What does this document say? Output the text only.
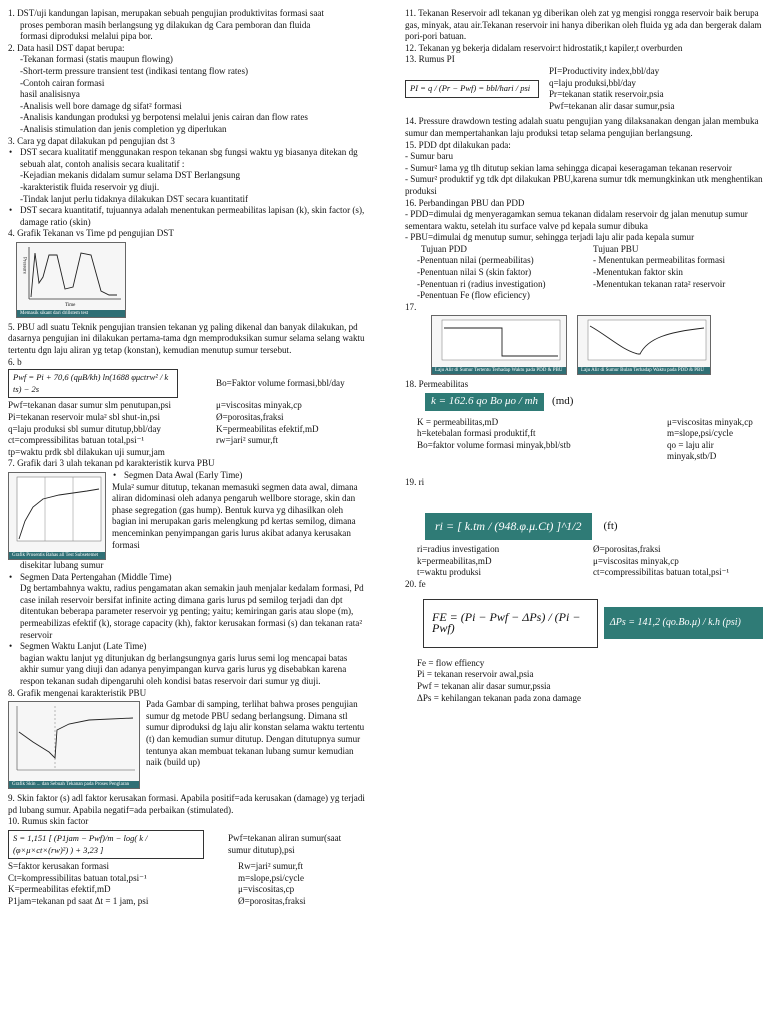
1. DST/uji kandungan lapisan, merupakan sebuah pengujian produktivitas formasi saat

proses pemboran masih berlangsung yg dilakukan dg Cara pemboran dan fluida

formasi diproduksi melalui pipa bor.

2. Data hasil DST dapat berupa:

-Tekanan formasi (statis maupun flowing)

-Short-term pressure transient test (indikasi tentang flow rates)

-Contoh cairan formasi

hasil analisisnya

-Analisis well bore damage dg sifat² formasi

-Analisis kandungan produksi yg berpotensi melalui jenis cairan dan flow rates

-Analisis stimulation dan jenis completion yg diperlukan

3. Cara yg dapat dilakukan pd pengujian dst 3

• DST secara kualitatif menggunakan respon tekanan sbg fungsi waktu yg biasanya ditekan dg sebuah alat, contoh analisis secara kualitatif :

-Kejadian mekanis didalam sumur selama DST Berlangsung

-karakteristik fluida reservoir yg diuji.

-Tindak lanjut perlu tidaknya dilakukan DST secara kuantitatif

• DST secara kuantitatif, tujuannya adalah menentukan permeabilitas lapisan (k), skin factor (s), damage ratio (skin)

4. Grafik Tekanan vs Time pd pengujian DST

Pressure
Time
Memasik sikant dari drillstem test

5. PBU adl suatu Teknik pengujian transien tekanan yg paling dikenal dan banyak dilakukan, pd dasarnya pengujian ini dilakukan pertama-tama dgn memproduksikan sumur selama selang waktu tertentu dgn laju aliran yg tetap (konstan), kemudian menutup sumur tersebut.

6. b

Pwf = Pi + 70,6 (qμB/kh) ln(1688 φμctrw² / k ts) − 2s
Bo=Faktor volume formasi,bbl/day
Pwf=tekanan dasar sumur slm penutupan,psi	μ=viscositas minyak,cp
Pi=tekanan reservoir mula² sbl shut-in,psi	Ø=porositas,fraksi
q=laju produksi sbl sumur ditutup,bbl/day	K=permeabilitas efektif,mD
ct=compressibilitas batuan total,psi⁻¹	rw=jari² sumur,ft

tp=waktu prdk sbl dilakukan uji sumur,jam

7. Grafik dari 3 ulah tekanan pd karakteristik kurva PBU

Grafik Prosentis Bahas all Test Subsetemet

• Segmen Data Awal (Early Time)

Mula² sumur ditutup, tekanan memasuki segmen data awal, dimana aliran didominasi oleh adanya pengaruh wellbore storage, skin dan phase segregation (gas hump). Bentuk kurva yg dihasilkan oleh bagian ini merupakan garis melengkung pd kertas semilog, dimana menceminkan penyimpangan garis lurus akibat adanya kerusakan formasi

disekitar lubang sumur

• Segmen Data Pertengahan (Middle Time)

Dg bertambahnya waktu, radius pengamatan akan semakin jauh menjalar kedalam formasi, Pd case inilah reservoir bersifat infinite acting dimana garis lurus pd semilog terjadi dan dpt ditentukan beberapa parameter reservoir yg penting; yaitu; kemiringan garis atau slope (m), permeabilizas efektif (k), storage capacity (kh), faktor kerusakan formasi (s) dan tekanan rata² reservoir

• Segmen Waktu Lanjut (Late Time)

bagian waktu lanjut yg ditunjukan dg berlangsungnya garis lurus semi log mencapai batas akhir sumur yang diuji dan adanya penyimpangan kurva garis lurus yg disebabkan karena respon tekanan sudah dipengaruhi oleh kondisi batas reservoir dari sumur yg diuji.

8. Grafik mengenai karakteristik PBU

Grafik Skin ... dan Sebuah Tekanan pada Proses Penglaran

Pada Gambar di samping, terlihat bahwa proses pengujian sumur dg metode PBU sedang berlangsung. Dimana stl sumur diproduksi dg laju alir konstan selama waktu tertentu (t) dan kemudian sumur ditutup. Dengan ditutupnya sumur tentunya akan membuat tekanan lubang sumur kemudian naik (build up)

9. Skin faktor (s) adl faktor kerusakan formasi. Apabila positif=ada kerusakan (damage) yg terjadi pd lubang sumur. Apabila negatif=ada perbaikan (stimulated).

10. Rumus skin factor

S = 1,151 [ (P1jam − Pwf)/m − log( k / (φ×μ×ct×(rw)²) ) + 3,23 ]
Pwf=tekanan aliran sumur(saat sumur ditutup),psi
S=faktor kerusakan formasi	Rw=jari² sumur,ft
Ct=kompressibilitas batuan total,psi⁻¹	m=slope,psi/cycle
K=permeabilitas efektif,mD	μ=viscositas,cp
P1jam=tekanan pd saat Δt = 1 jam, psi	Ø=porositas,fraksi

11. Tekanan Reservoir adl tekanan yg diberikan oleh zat yg mengisi rongga reservoir baik berupa gas, minyak, atau air.Tekanan reservoir ini hanya diberikan oleh fluida yg ada dan bergerak dalam pori-pori batuan.

12. Tekanan yg bekerja didalam reservoir:t hidrostatik,t kapiler,t overburden

13. Rumus PI

PI = q / (Pr − Pwf) = bbl/hari / psi

PI=Productivity index,bbl/day

q=laju produksi,bbl/day

Pr=tekanan statik reservoir,psia

Pwf=tekanan alir dasar sumur,psia

14. Pressure drawdown testing adalah suatu pengujian yang dilaksanakan dengan jalan membuka sumur dan mempertahankan laju produksi tetap selama pengujian berlangsung.

15. PDD dpt dilakukan pada:

- Sumur baru

- Sumur² lama yg tlh ditutup sekian lama sehingga dicapai keseragaman tekanan reservoir

- Sumur² produktif yg tdk dpt dilakukan PBU,karena sumur tdk memungkinkan utk menghentikan produksi

16. Perbandingan PBU dan PDD

- PDD=dimulai dg menyeragamkan semua tekanan didalam reservoir dg jalan menutup sumur sementara waktu, setelah itu surface valve pd kepala sumur dibuka

- PBU=dimulai dg menutup sumur, sehingga terjadi laju alir pada kepala sumur

Tujuan PDD	Tujuan PBU
-Penentuan nilai (permeabilitas)	- Menentukan permeabilitas formasi
-Penentuan nilai S (skin faktor)	-Menentukan faktor skin
-Penentuan ri (radius investigation)	-Menentukan tekanan rata² reservoir
-Penentuan Fe (flow eficiency)

17.

Laju Alir di Sumur Tertentu Terhadap Waktu pada PDD & PBU	Laju Alir di Sumur Bulan Terhadap Waktu pada PDD & PBU

18. Permeabilitas

k = 162.6 qo Bo μo / mh	(md)
K = permeabilitas,mD	μ=viscositas minyak,cp
h=ketebalan formasi produktif,ft	m=slope,psi/cycle
Bo=faktor volume formasi minyak,bbl/stb	qo = laju alir minyak,stb/D

19. ri

ri = [ k.tm / (948.φ.μ.Ct) ]^1/2	(ft)
ri=radius investigation	Ø=porositas,fraksi
k=permeabilitas,mD	μ=viscositas minyak,cp
t=waktu produksi	ct=compressibilitas batuan total,psi⁻¹

20. fe

FE = (Pi − Pwf − ΔPs) / (Pi − Pwf)	ΔPs = 141,2 (qo.Bo.μ) / k.h (psi)

Fe = flow effiency

Pi = tekanan reservoir awal,psia

Pwf = tekanan alir dasar sumur,pssia

ΔPs = kehilangan tekanan pada zona damage
